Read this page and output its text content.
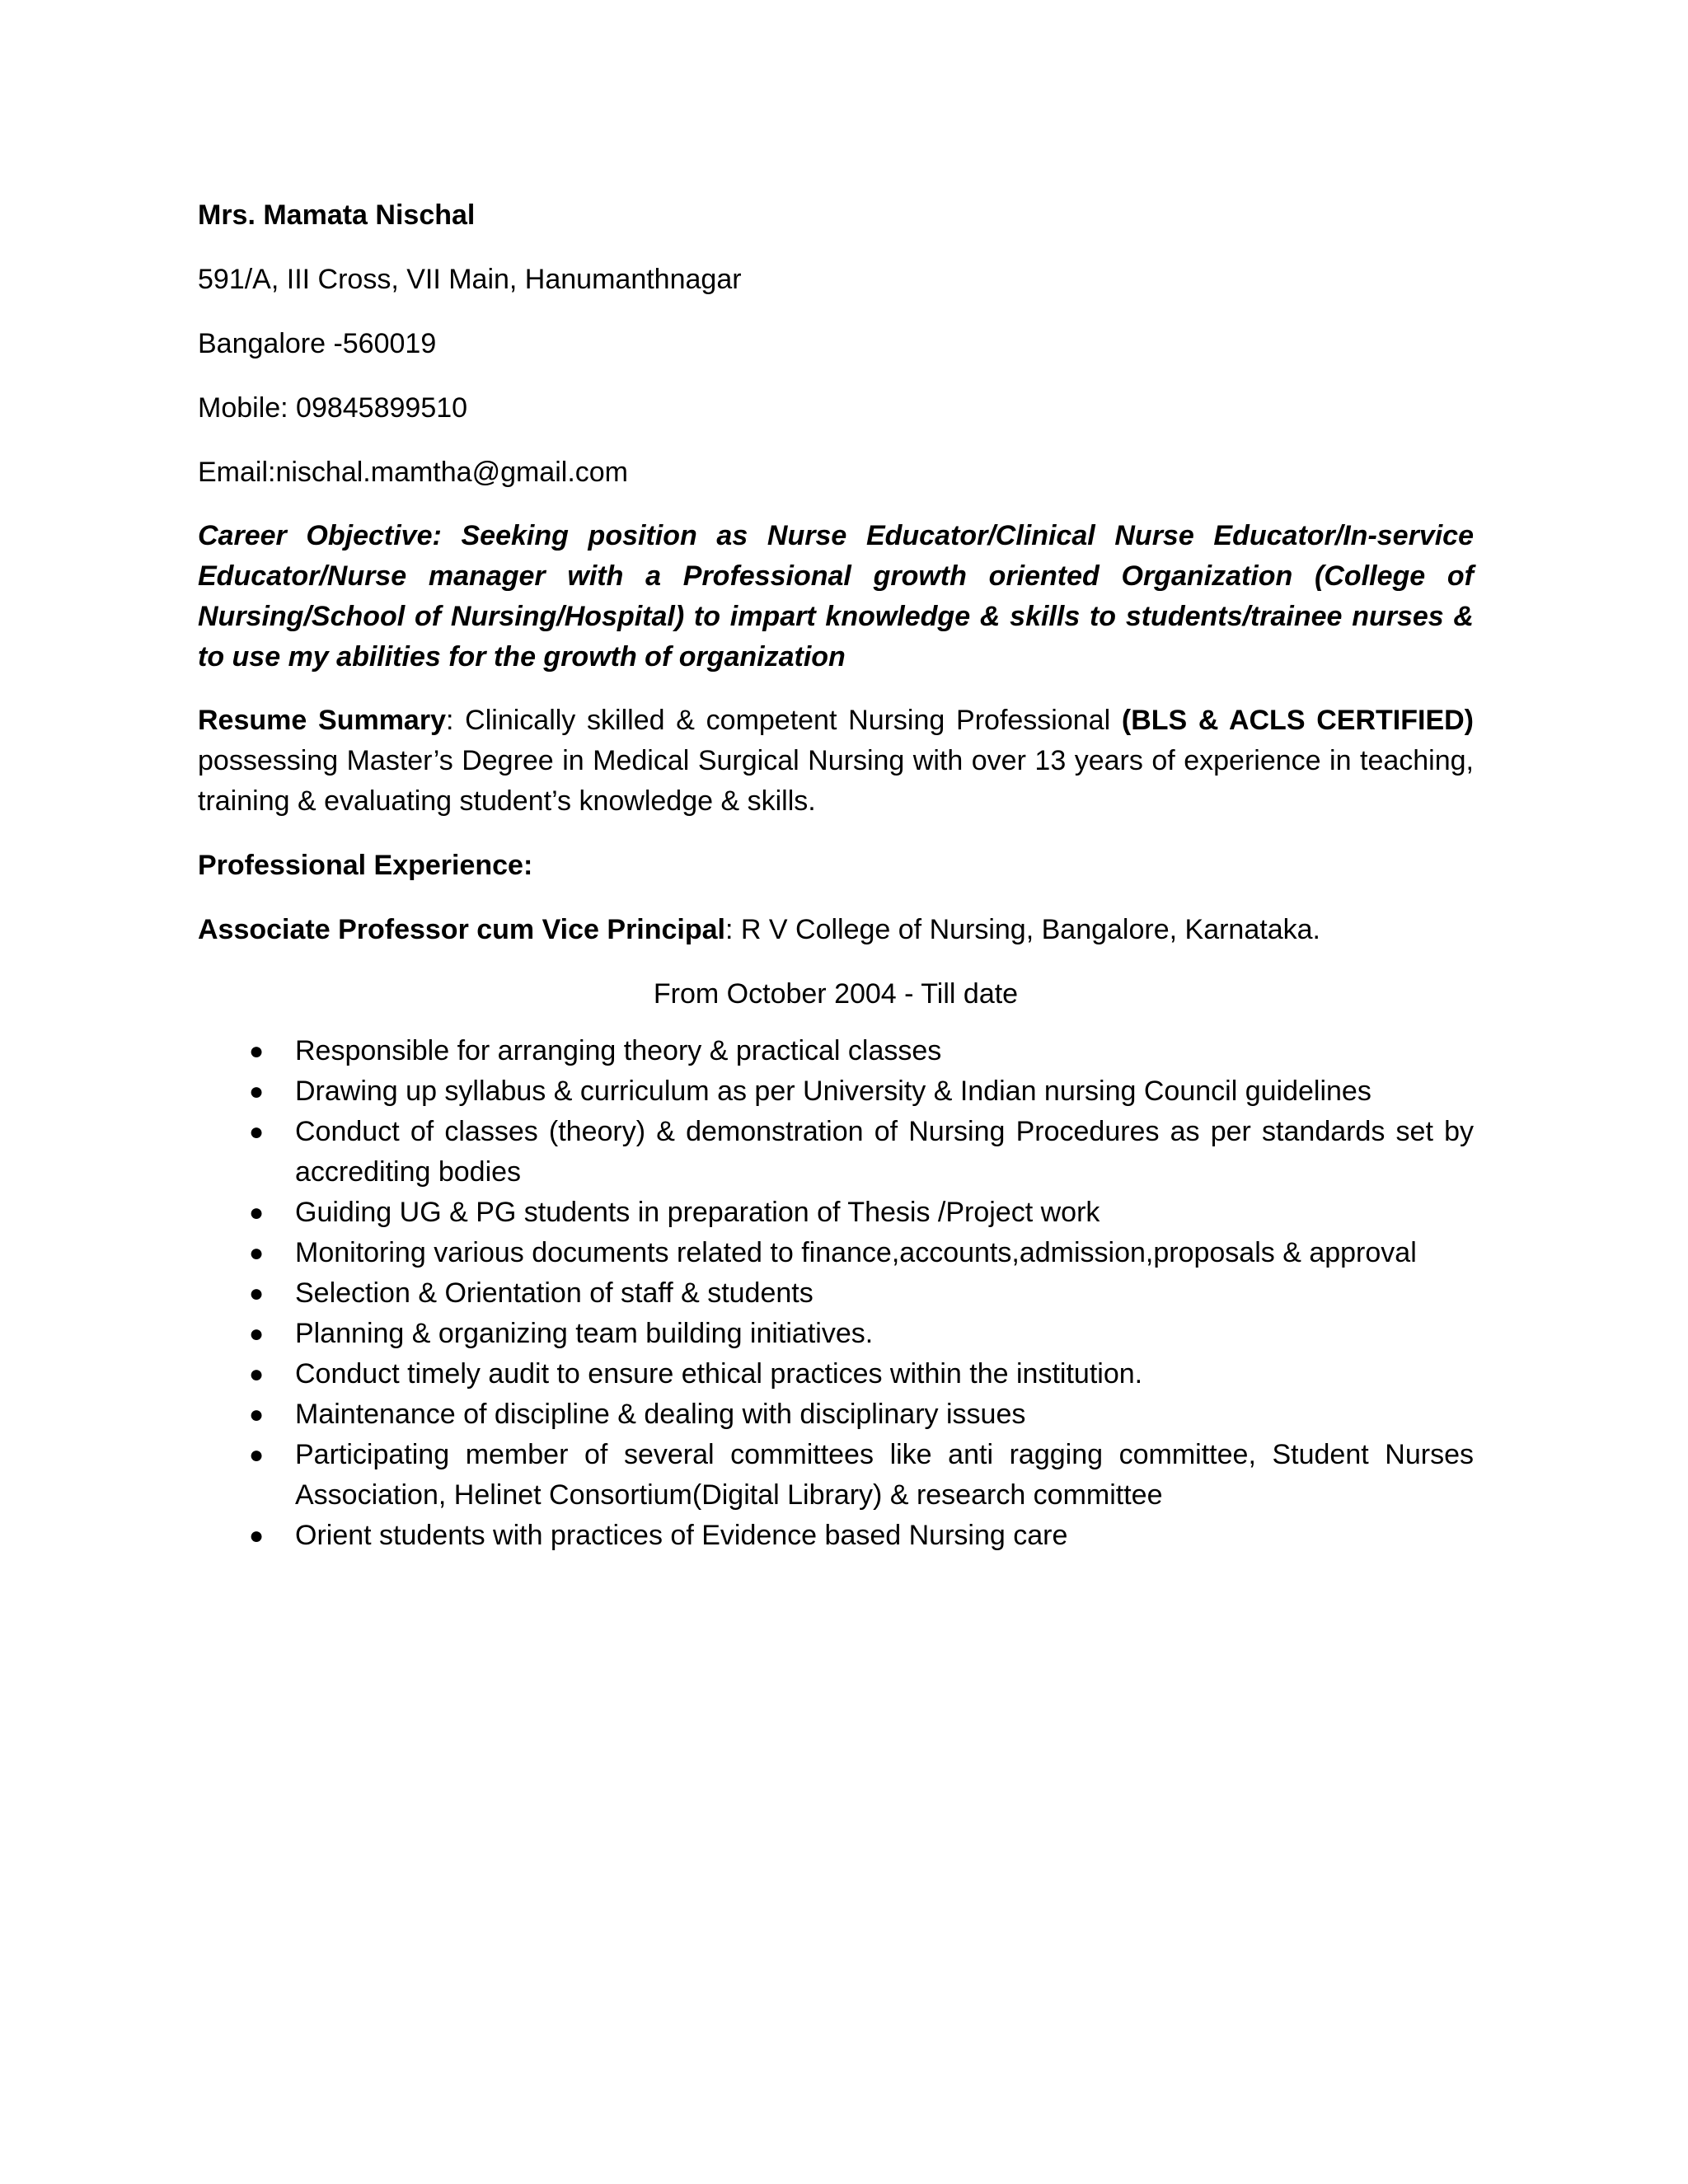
Mrs. Mamata Nischal
591/A, III Cross, VII Main, Hanumanthnagar
Bangalore -560019
Mobile: 09845899510
Email:nischal.mamtha@gmail.com
Career Objective: Seeking position as Nurse Educator/Clinical Nurse Educator/In-service Educator/Nurse manager with a Professional growth oriented Organization (College of Nursing/School of Nursing/Hospital) to impart knowledge & skills to students/trainee nurses & to use my abilities for the growth of organization
Resume Summary: Clinically skilled & competent Nursing Professional (BLS & ACLS CERTIFIED) possessing Master’s Degree in Medical Surgical Nursing with over 13 years of experience in teaching, training & evaluating student’s knowledge & skills.
Professional Experience:
Associate Professor cum Vice Principal: R V College of Nursing, Bangalore, Karnataka.
From October 2004 - Till date
● Responsible for arranging theory & practical classes
● Drawing up syllabus & curriculum as per University & Indian nursing Council guidelines
● Conduct of classes (theory) & demonstration of Nursing Procedures as per standards set by accrediting bodies
● Guiding UG & PG students in preparation of Thesis /Project work
● Monitoring various documents related to finance,accounts,admission,proposals & approval
● Selection & Orientation of staff & students
● Planning & organizing team building initiatives.
● Conduct timely audit to ensure ethical practices within the institution.
● Maintenance of discipline & dealing with disciplinary issues
● Participating member of several committees like anti ragging committee, Student Nurses Association, Helinet Consortium(Digital Library) & research committee
● Orient students with practices of Evidence based Nursing care
